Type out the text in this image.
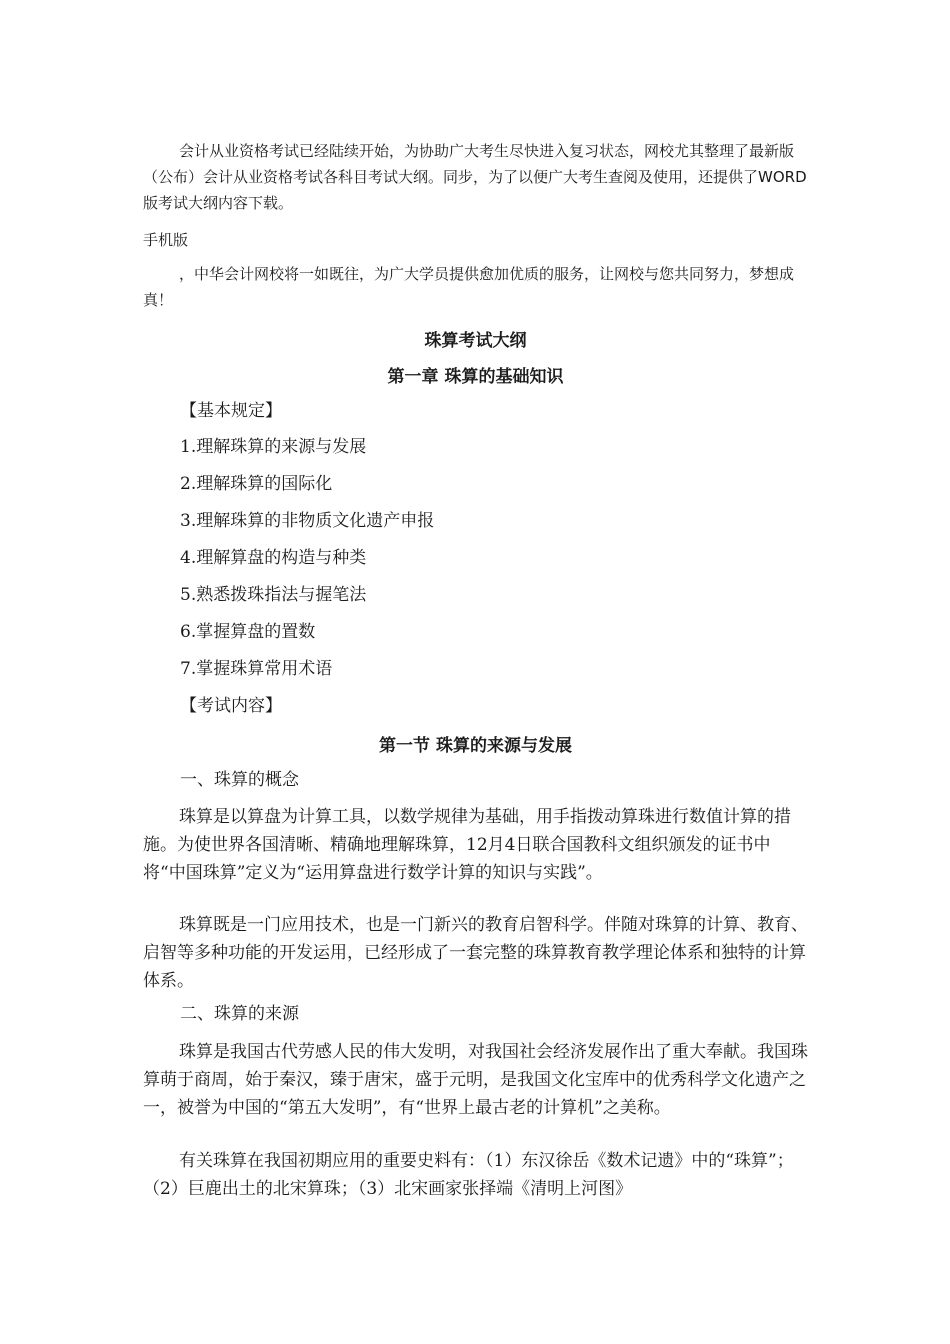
会计从业资格考试已经陆续开始，为协助广大考生尽快进入复习状态，网校尤其整理了最新版（公布）会计从业资格考试各科目考试大纲。同步，为了以便广大考生查阅及使用，还提供了WORD版考试大纲内容下载。

手机版

，中华会计网校将一如既往，为广大学员提供愈加优质的服务，让网校与您共同努力，梦想成真！

珠算考试大纲
第一章 珠算的基础知识

【基本规定】

1.理解珠算的来源与发展

2.理解珠算的国际化

3.理解珠算的非物质文化遗产申报

4.理解算盘的构造与种类

5.熟悉拨珠指法与握笔法

6.掌握算盘的置数

7.掌握珠算常用术语

【考试内容】

第一节 珠算的来源与发展

一、珠算的概念

珠算是以算盘为计算工具，以数学规律为基础，用手指拨动算珠进行数值计算的措施。为使世界各国清晰、精确地理解珠算，12月4日联合国教科文组织颁发的证书中将“中国珠算”定义为“运用算盘进行数学计算的知识与实践”。

珠算既是一门应用技术，也是一门新兴的教育启智科学。伴随对珠算的计算、教育、启智等多种功能的开发运用，已经形成了一套完整的珠算教育教学理论体系和独特的计算体系。

二、珠算的来源

珠算是我国古代劳感人民的伟大发明，对我国社会经济发展作出了重大奉献。我国珠算萌于商周，始于秦汉，臻于唐宋，盛于元明，是我国文化宝库中的优秀科学文化遗产之一，被誉为中国的“第五大发明”，有“世界上最古老的计算机”之美称。

有关珠算在我国初期应用的重要史料有：（1）东汉徐岳《数术记遗》中的“珠算”；（2）巨鹿出土的北宋算珠；（3）北宋画家张择端《清明上河图》
